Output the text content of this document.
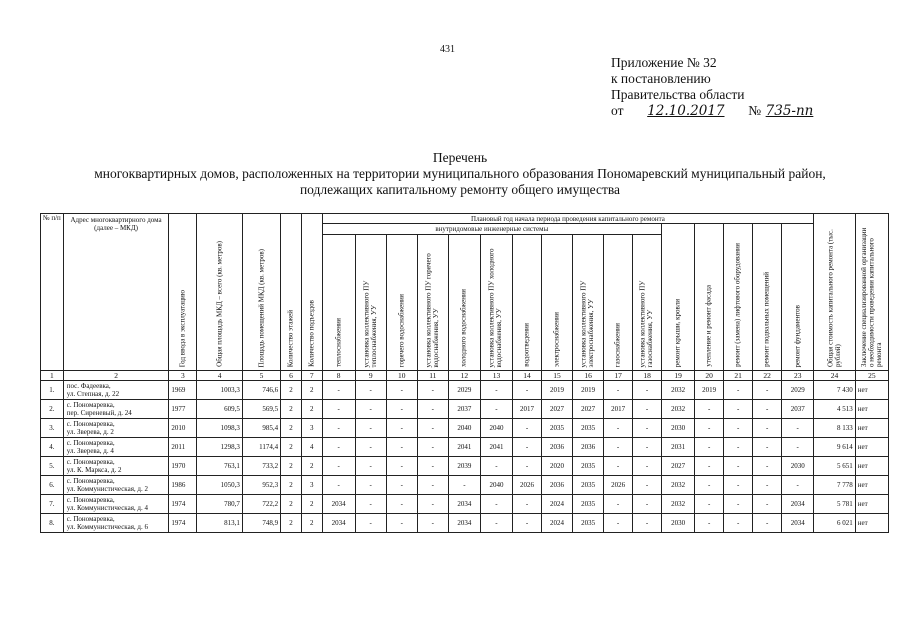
431
Приложение № 32
к постановлению
Правительства области
от 12.10.2017 № 735-пп
Перечень
многоквартирных домов, расположенных на территории муниципального образования Пономаревский муниципальный район,
подлежащих капитальному ремонту общего имущества
№ п/п	Адрес многоквартирного дома (далее – МКД)	Год ввода в эксплуатацию	Общая площадь МКД – всего (кв. метров)	Площадь помещений МКД (кв. метров)	Количество этажей	Количество подъездов	Плановый год начала периода проведения капитального ремонта																Общая стоимость капитального ремонта (тыс. рублей)	Заключение специализированной организации о необходимости проведения капитального ремонта

							внутридомовые инженерные системы											ремонт крыши, кровли	утепление и ремонт фасада	ремонт (замена) лифтового оборудования	ремонт подвальных помещений	ремонт фундаментов		

							теплоснабжения	установка коллективного ПУ теплоснабжения, УУ	горячего водоснабжения	установка коллективного ПУ горячего водоснабжения, УУ	холодного водоснабжения	установка коллективного ПУ холодного водоснабжения, УУ	водоотведения	электроснабжения	установка коллективного ПУ электроснабжения, УУ	газоснабжения	установка коллективного ПУ газоснабжения, УУ							

1	2	3	4	5	6	7	8	9	10	11	12	13	14	15	16	17	18	19	20	21	22	23	24	25
1.	пос. Фадеевка,
ул. Степная, д. 22	1969	1003,3	746,6	2	2	-	-	-	-	2029	-	-	2019	2019	-	-	2032	2019	-	-	2029	7 430	нет
2.	с. Пономаревка,
пер. Сиреневый, д. 24	1977	609,5	569,5	2	2	-	-	-	-	2037	-	2017	2027	2027	2017	-	2032	-	-	-	2037	4 513	нет
3.	с. Пономаревка,
ул. Зверева, д. 2	2010	1098,3	985,4	2	3	-	-	-	-	2040	2040	-	2035	2035	-	-	2030	-	-	-	-	8 133	нет
4.	с. Пономаревка,
ул. Зверева, д. 4	2011	1298,3	1174,4	2	4	-	-	-	-	2041	2041	-	2036	2036	-	-	2031	-	-	-	-	9 614	нет
5.	с. Пономаревка,
ул. К. Маркса, д. 2	1970	763,1	733,2	2	2	-	-	-	-	2039	-	-	2020	2035	-	-	2027	-	-	-	2030	5 651	нет
6.	с. Пономаревка,
ул. Коммунистическая, д. 2	1986	1050,3	952,3	2	3	-	-	-	-	-	2040	2026	2036	2035	2026	-	2032	-	-	-	-	7 778	нет
7.	с. Пономаревка,
ул. Коммунистическая, д. 4	1974	780,7	722,2	2	2	2034	-	-	-	2034	-	-	2024	2035	-	-	2032	-	-	-	2034	5 781	нет
8.	с. Пономаревка,
ул. Коммунистическая, д. 6	1974	813,1	748,9	2	2	2034	-	-	-	2034	-	-	2024	2035	-	-	2030	-	-	-	2034	6 021	нет
